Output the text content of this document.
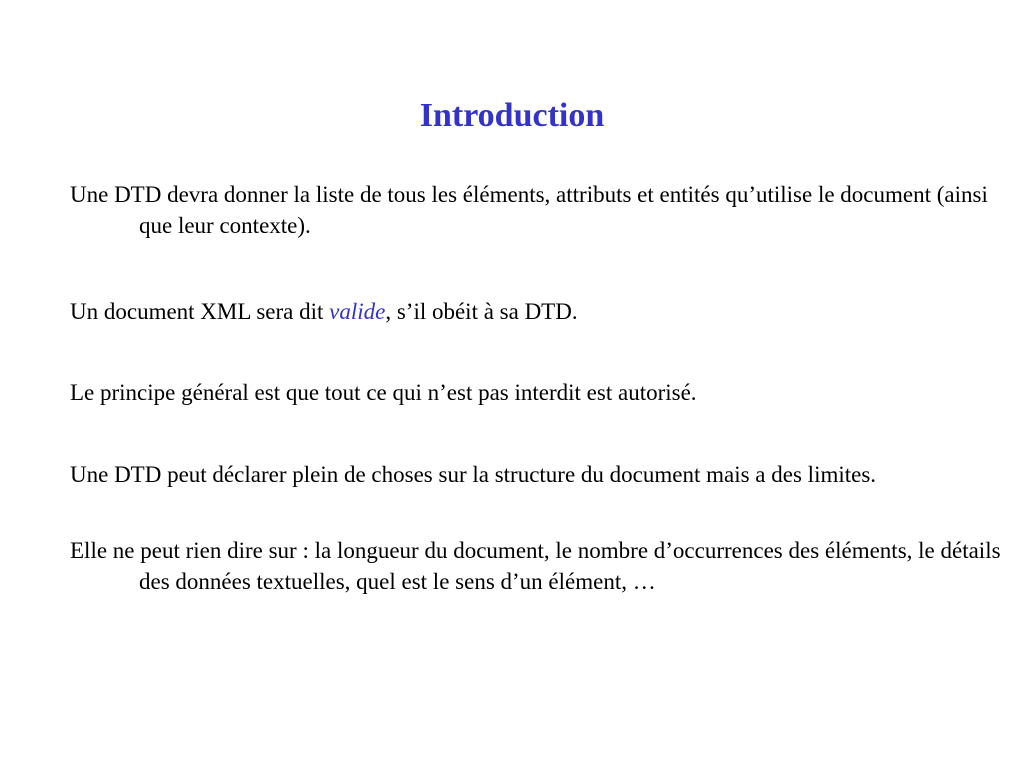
Introduction

Une DTD devra donner la liste de tous les éléments, attributs et entités qu’utilise le document (ainsi que leur contexte).

Un document XML sera dit valide, s’il obéit à sa DTD.

Le principe général est que tout ce qui n’est pas interdit est autorisé.

Une DTD peut déclarer plein de choses sur la structure du document mais a des limites.

Elle ne peut rien dire sur : la longueur du document, le nombre d’occurrences des éléments, le détails des données textuelles, quel est le sens d’un élément, …
